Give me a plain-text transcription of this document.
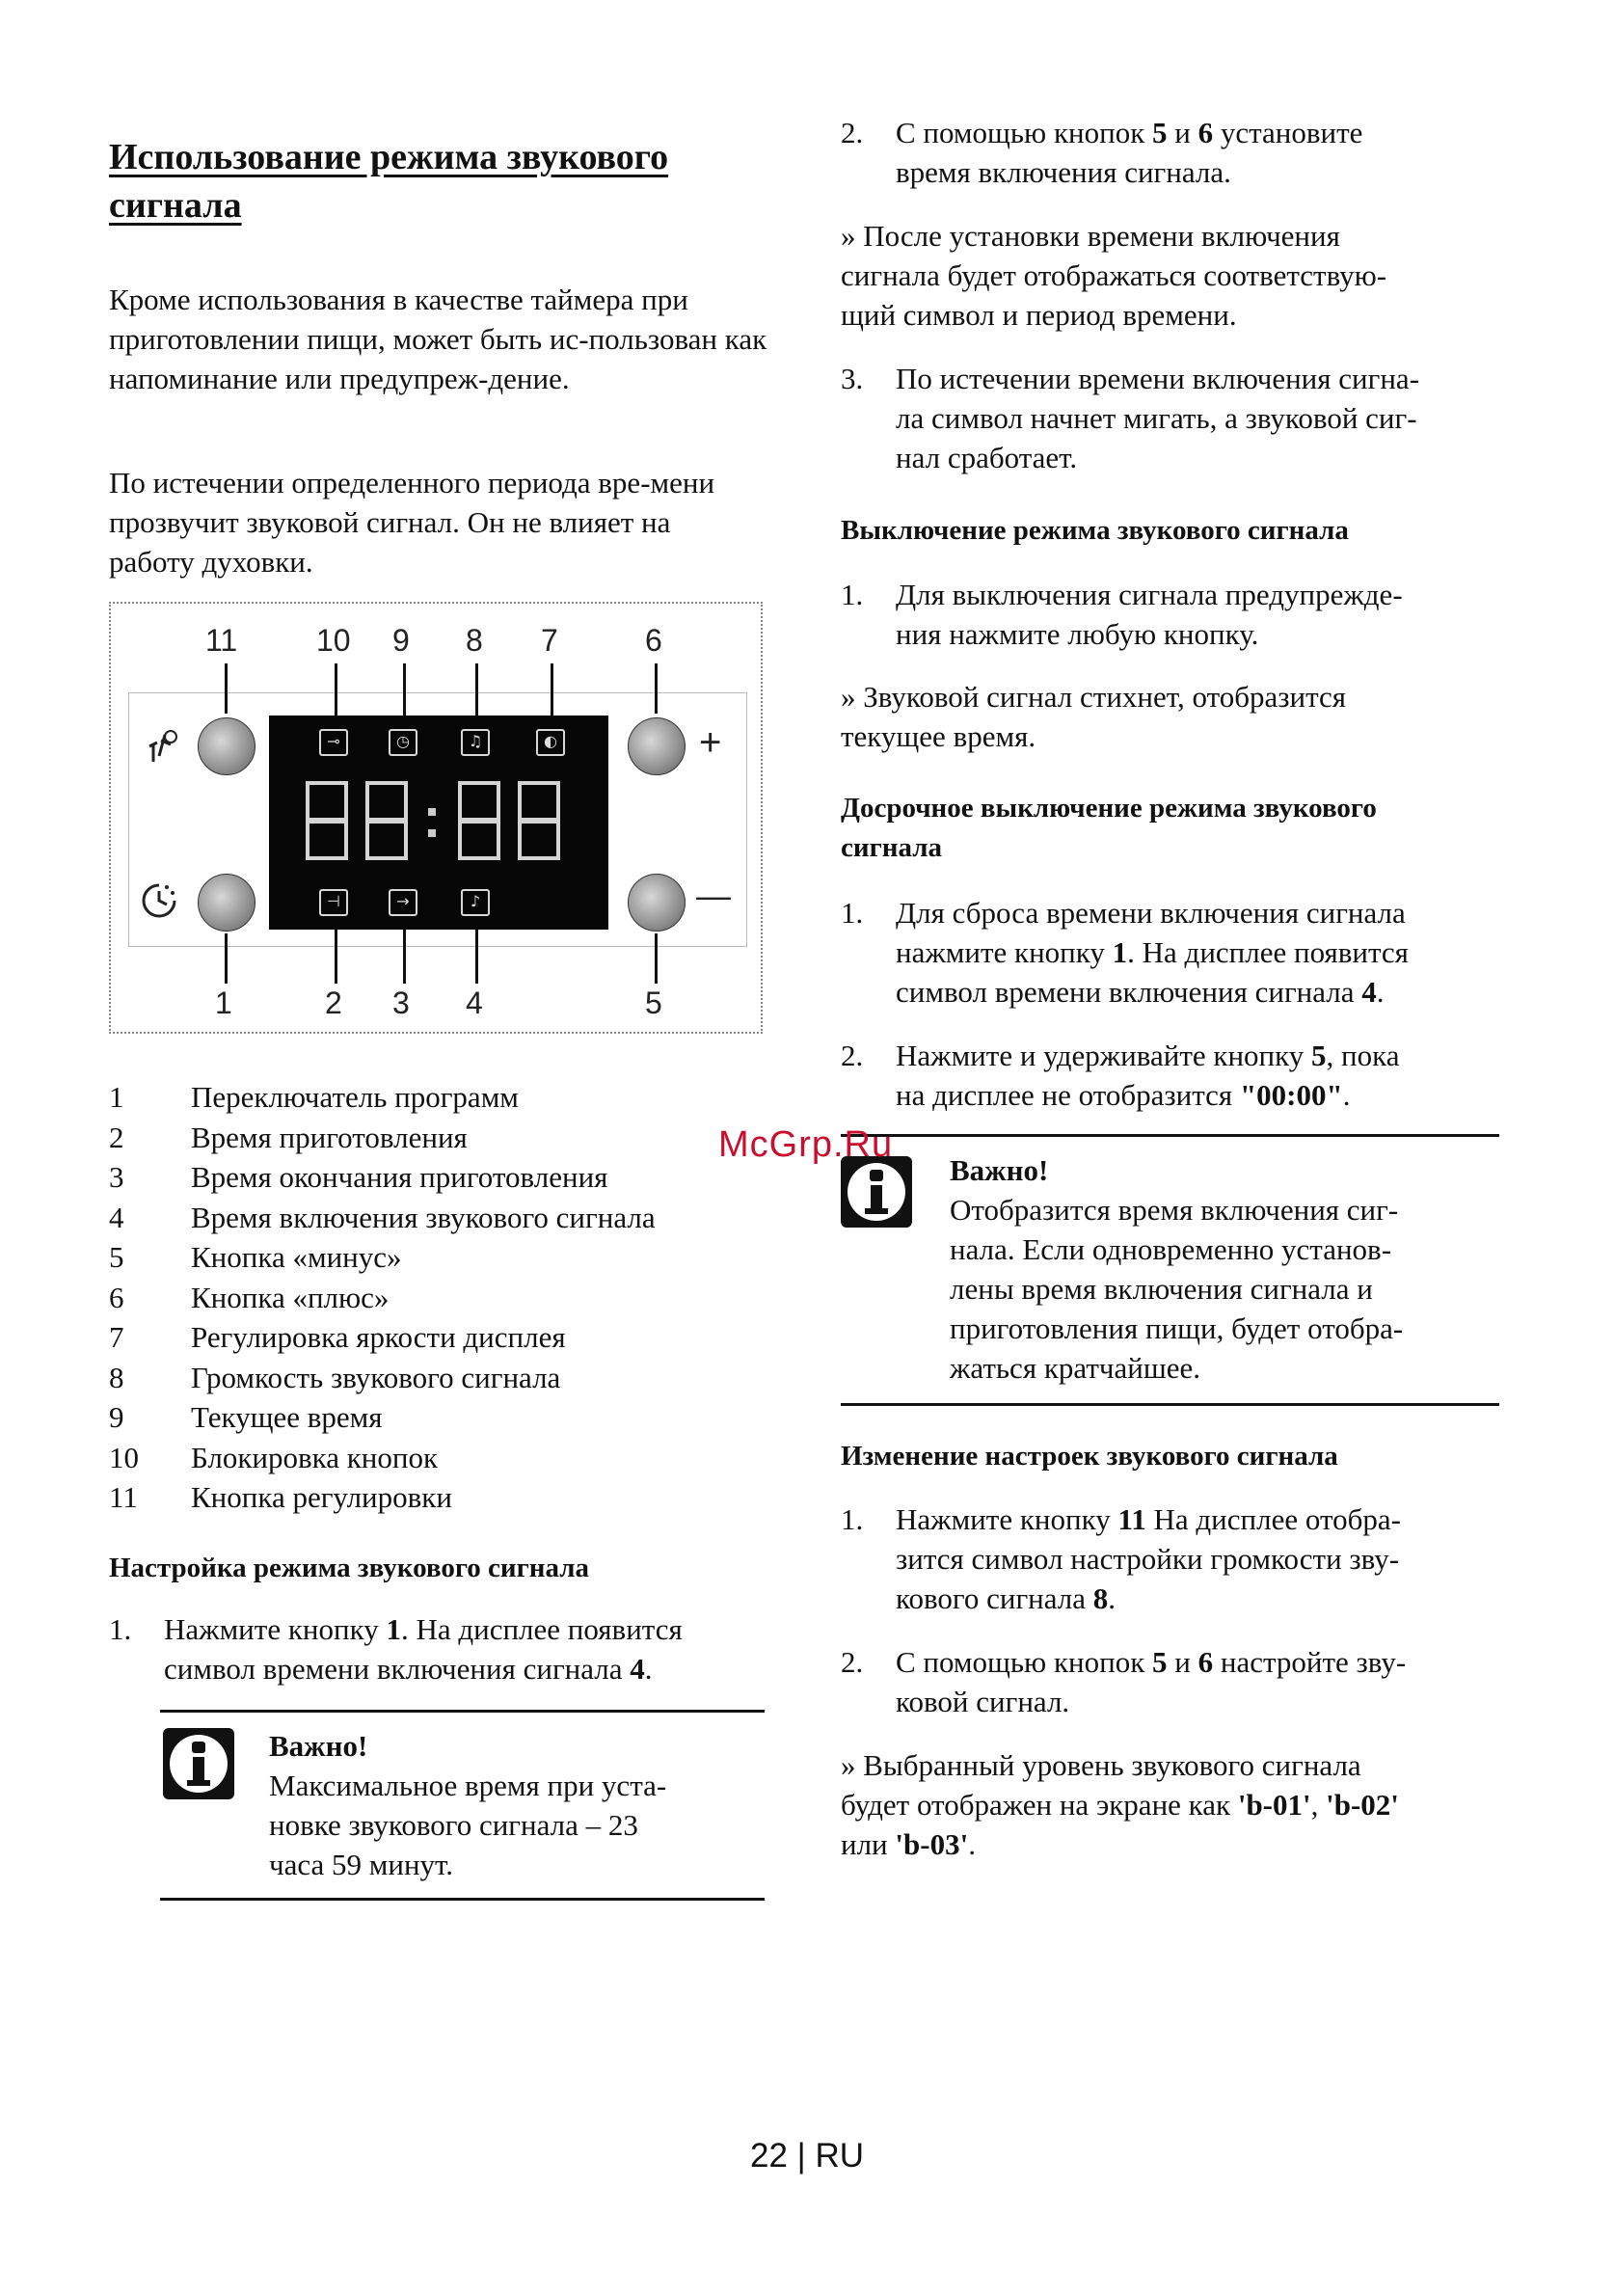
Использование режима звукового сигнала

Кроме использования в качестве таймера при приготовлении пищи, может быть ис-пользован как напоминание или предупреж-дение.

По истечении определенного периода вре-мени прозвучит звуковой сигнал. Он не влияет на работу духовки.

1	Переключатель программ
2	Время приготовления
3	Время окончания приготовления
4	Время включения звукового сигнала
5	Кнопка «минус»
6	Кнопка «плюс»
7	Регулировка яркости дисплея
8	Громкость звукового сигнала
9	Текущее время
10	Блокировка кнопок
11	Кнопка регулировки
Настройка режима звукового сигнала
1.	Нажмите кнопку 1. На дисплее появится
символ времени включения сигнала 4.
Важно!
Максимальное время при уста-
новке звукового сигнала – 23
часа 59 минут.
11	10 9 8 7	6
1	2 3 4	5
+
—
⊸	◷	♫	◐
⊣	→	♪
2.	С помощью кнопок 5 и 6 установите
время включения сигнала.
» После установки времени включения
сигнала будет отображаться соответствую-
щий символ и период времени.
3.	По истечении времени включения сигна-
ла символ начнет мигать, а звуковой сиг-
нал сработает.
Выключение режима звукового сигнала
1.	Для выключения сигнала предупрежде-
ния нажмите любую кнопку.
» Звуковой сигнал стихнет, отобразится
текущее время.
Досрочное выключение режима звукового
сигнала
1.	Для сброса времени включения сигнала
нажмите кнопку 1. На дисплее появится
символ времени включения сигнала 4.
2.	Нажмите и удерживайте кнопку 5, пока
на дисплее не отобразится "00:00".
Важно!
Отобразится время включения сиг-
нала. Если одновременно установ-
лены время включения сигнала и
приготовления пищи, будет отобра-
жаться кратчайшее.
Изменение настроек звукового сигнала
1.	Нажмите кнопку 11 На дисплее отобра-
зится символ настройки громкости зву-
кового сигнала 8.
2.	С помощью кнопок 5 и 6 настройте зву-
ковой сигнал.
» Выбранный уровень звукового сигнала
будет отображен на экране как 'b-01', 'b-02'
или 'b-03'.
McGrp.Ru
22 | RU
